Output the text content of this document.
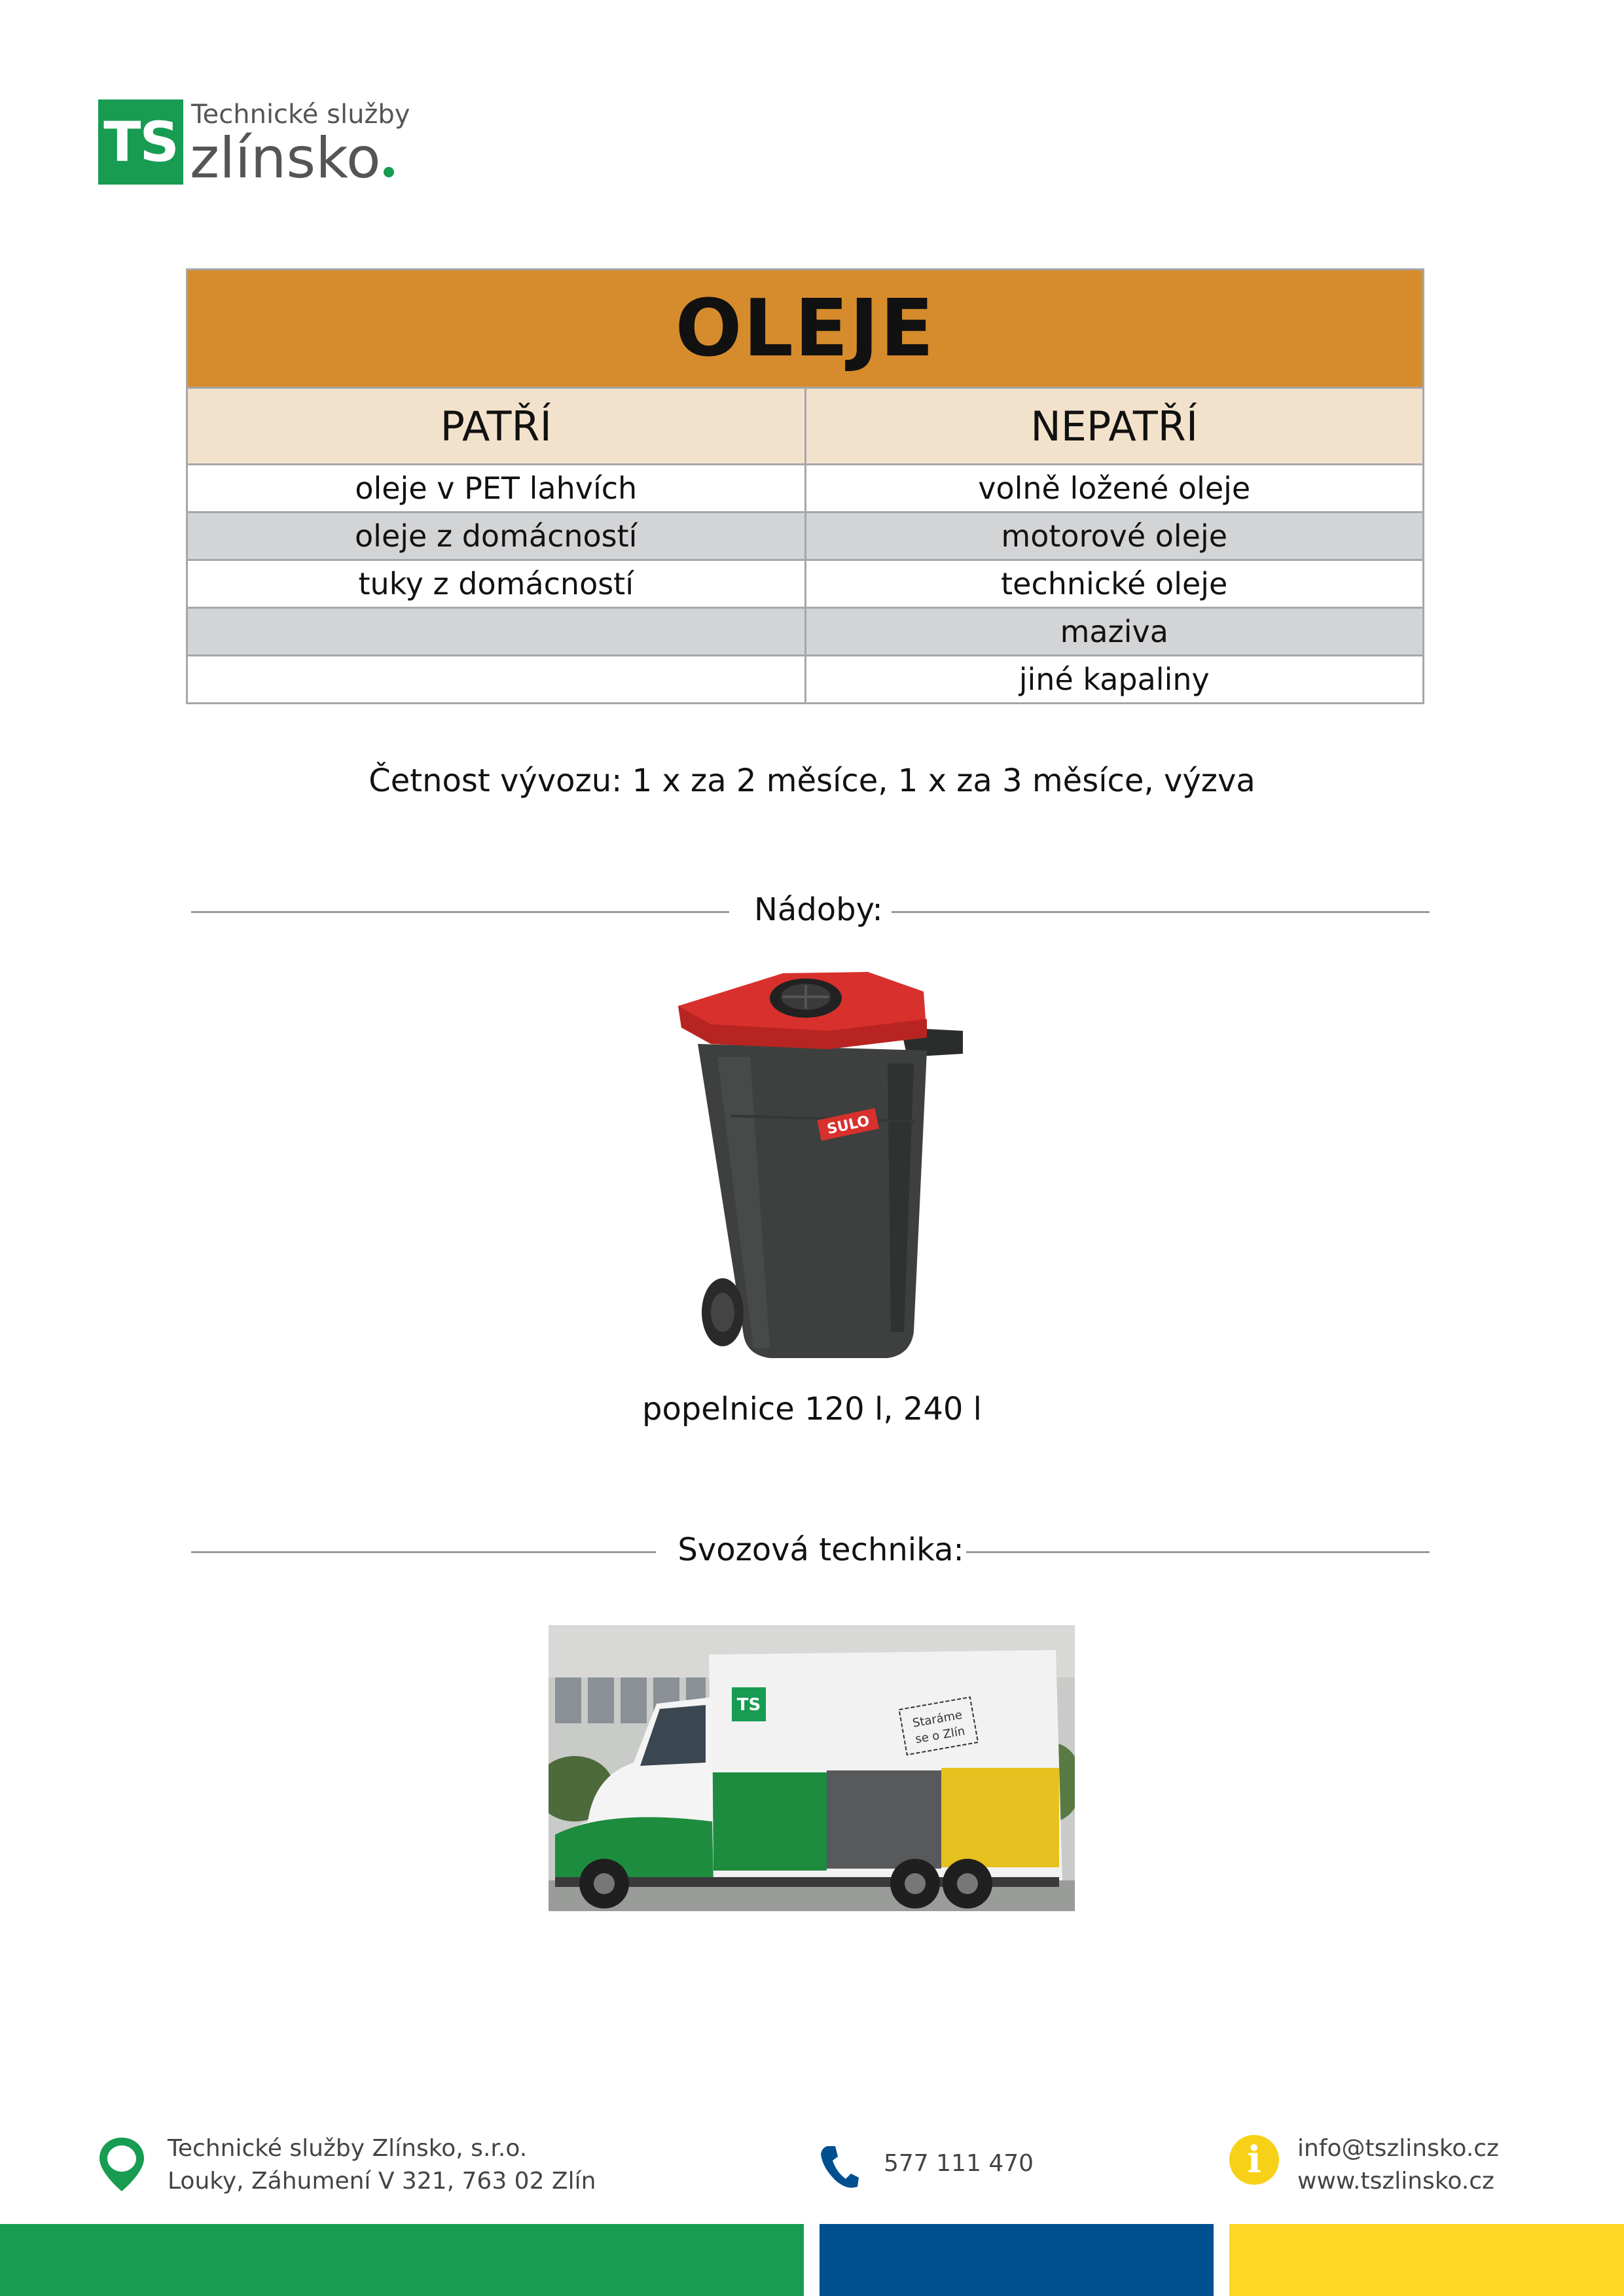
TS Technické služby
zlínsko
OLEJE	
PATŘÍ	NEPATŘÍ
oleje v PET lahvích	volně ložené oleje
oleje z domácností	motorové oleje
tuky z domácností	technické oleje
	maziva
	jiné kapaliny
Četnost vývozu: 1 x za 2 měsíce, 1 x za 3 měsíce, výzva
Nádoby:
SULO
popelnice 120 l, 240 l
Svozová technika:
TS
Staráme
se o Zlín
Technické služby Zlínsko, s.r.o.
Louky, Záhumení V 321, 763 02 Zlín
577 111 470	i	info@tszlinsko.cz
www.tszlinsko.cz
